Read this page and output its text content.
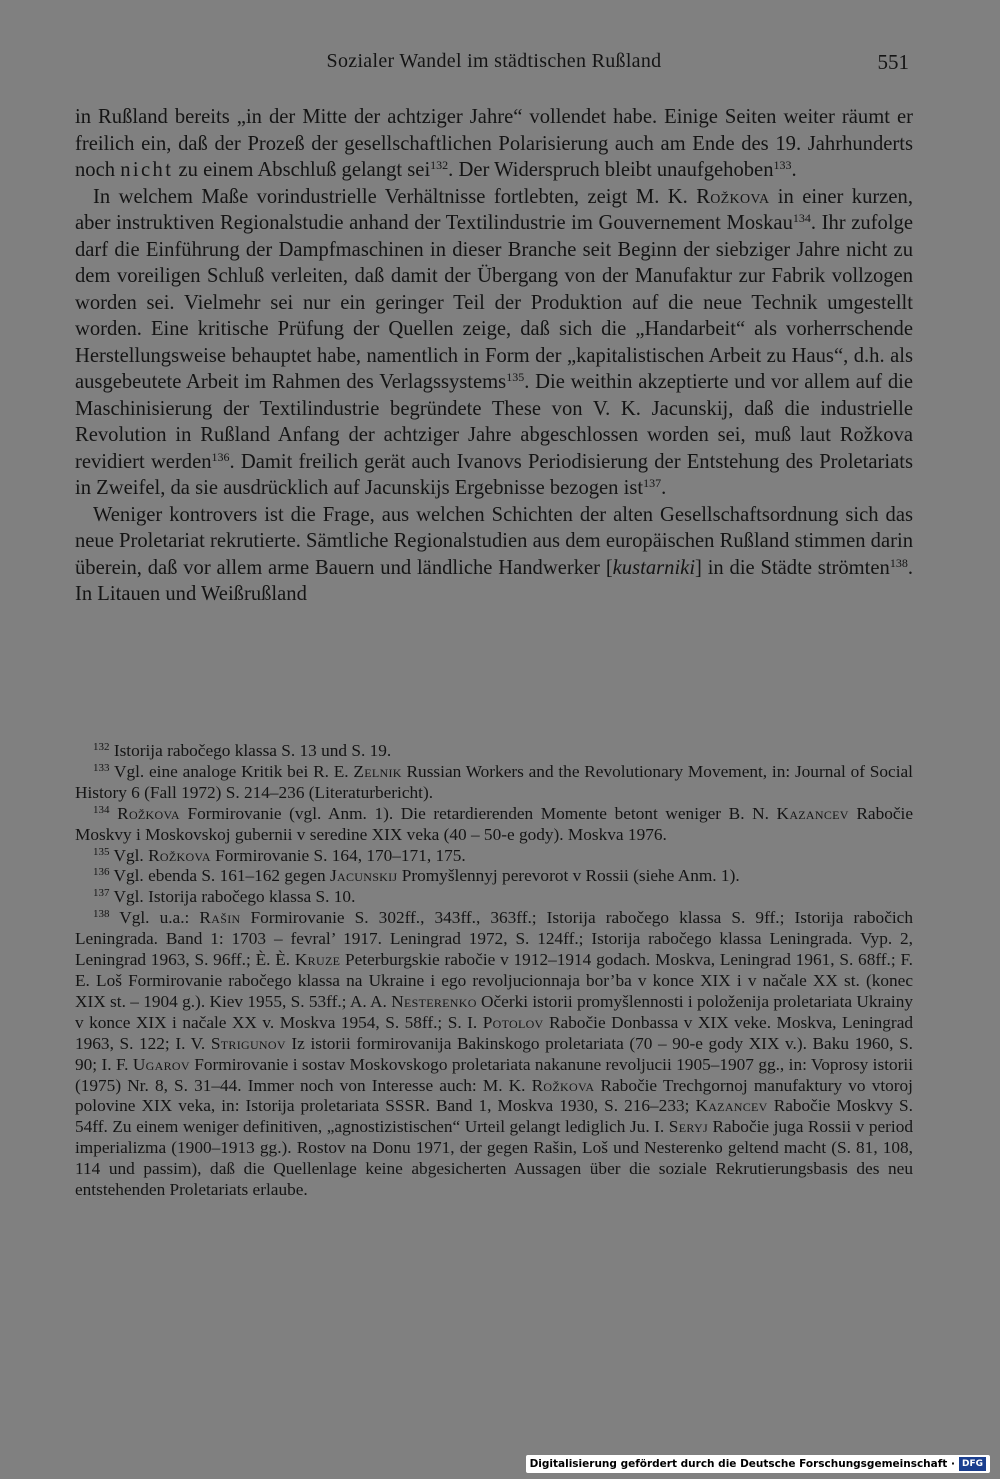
Sozialer Wandel im städtischen Rußland	551

in Rußland bereits „in der Mitte der achtziger Jahre“ vollendet habe. Einige Seiten weiter räumt er freilich ein, daß der Prozeß der gesellschaftlichen Polarisierung auch am Ende des 19. Jahrhunderts noch nicht zu einem Abschluß gelangt sei$^{132}$. Der Widerspruch bleibt unaufgehoben$^{133}$.

In welchem Maße vorindustrielle Verhältnisse fortlebten, zeigt M. K. Rožkova in einer kurzen, aber instruktiven Regionalstudie anhand der Textilindustrie im Gouvernement Moskau$^{134}$. Ihr zufolge darf die Einführung der Dampfmaschinen in dieser Branche seit Beginn der siebziger Jahre nicht zu dem voreiligen Schluß verleiten, daß damit der Übergang von der Manufaktur zur Fabrik vollzogen worden sei. Vielmehr sei nur ein geringer Teil der Produktion auf die neue Technik umgestellt worden. Eine kritische Prüfung der Quellen zeige, daß sich die „Handarbeit“ als vorherrschende Herstellungsweise behauptet habe, namentlich in Form der „kapitalistischen Arbeit zu Haus“, d.h. als ausgebeutete Arbeit im Rahmen des Verlagssystems$^{135}$. Die weithin akzeptierte und vor allem auf die Maschinisierung der Textilindustrie begründete These von V. K. Jacunskij, daß die industrielle Revolution in Rußland Anfang der achtziger Jahre abgeschlossen worden sei, muß laut Rožkova revidiert werden$^{136}$. Damit freilich gerät auch Ivanovs Periodisierung der Entstehung des Proletariats in Zweifel, da sie ausdrücklich auf Jacunskijs Ergebnisse bezogen ist$^{137}$.

Weniger kontrovers ist die Frage, aus welchen Schichten der alten Gesellschaftsordnung sich das neue Proletariat rekrutierte. Sämtliche Regionalstudien aus dem europäischen Rußland stimmen darin überein, daß vor allem arme Bauern und ländliche Handwerker [kustarniki] in die Städte strömten$^{138}$. In Litauen und Weißrußland

$^{132}$ Istorija rabočego klassa S. 13 und S. 19.

$^{133}$ Vgl. eine analoge Kritik bei R. E. Zelnik Russian Workers and the Revolutionary Movement, in: Journal of Social History 6 (Fall 1972) S. 214–236 (Literaturbericht).

$^{134}$ Rožkova Formirovanie (vgl. Anm. 1). Die retardierenden Momente betont weniger B. N. Kazancev Rabočie Moskvy i Moskovskoj gubernii v seredine XIX veka (40 – 50-e gody). Moskva 1976.

$^{135}$ Vgl. Rožkova Formirovanie S. 164, 170–171, 175.

$^{136}$ Vgl. ebenda S. 161–162 gegen Jacunskij Promyšlennyj perevorot v Rossii (siehe Anm. 1).

$^{137}$ Vgl. Istorija rabočego klassa S. 10.

$^{138}$ Vgl. u.a.: Rašin Formirovanie S. 302ff., 343ff., 363ff.; Istorija rabočego klassa S. 9ff.; Istorija rabočich Leningrada. Band 1: 1703 – fevral’ 1917. Leningrad 1972, S. 124ff.; Istorija rabočego klassa Leningrada. Vyp. 2, Leningrad 1963, S. 96ff.; È. È. Kruze Peterburgskie rabočie v 1912–1914 godach. Moskva, Leningrad 1961, S. 68ff.; F. E. Loš Formirovanie rabočego klassa na Ukraine i ego revoljucionnaja bor’ba v konce XIX i v načale XX st. (konec XIX st. – 1904 g.). Kiev 1955, S. 53ff.; A. A. Nesterenko Očerki istorii promyšlennosti i položenija proletariata Ukrainy v konce XIX i načale XX v. Moskva 1954, S. 58ff.; S. I. Potolov Rabočie Donbassa v XIX veke. Moskva, Leningrad 1963, S. 122; I. V. Strigunov Iz istorii formirovanija Bakinskogo proletariata (70 – 90-e gody XIX v.). Baku 1960, S. 90; I. F. Ugarov Formirovanie i sostav Moskovskogo proletariata nakanune revoljucii 1905–1907 gg., in: Voprosy istorii (1975) Nr. 8, S. 31–44. Immer noch von Interesse auch: M. K. Rožkova Rabočie Trechgornoj manufaktury vo vtoroj polovine XIX veka, in: Istorija proletariata SSSR. Band 1, Moskva 1930, S. 216–233; Kazancev Rabočie Moskvy S. 54ff. Zu einem weniger definitiven, „agnostizistischen“ Urteil gelangt lediglich Ju. I. Seryj Rabočie juga Rossii v period imperializma (1900–1913 gg.). Rostov na Donu 1971, der gegen Rašin, Loš und Nesterenko geltend macht (S. 81, 108, 114 und passim), daß die Quellenlage keine abgesicherten Aussagen über die soziale Rekrutierungsbasis des neu entstehenden Proletariats erlaube.

Digitalisierung gefördert durch die Deutsche Forschungsgemeinschaft · DFG
